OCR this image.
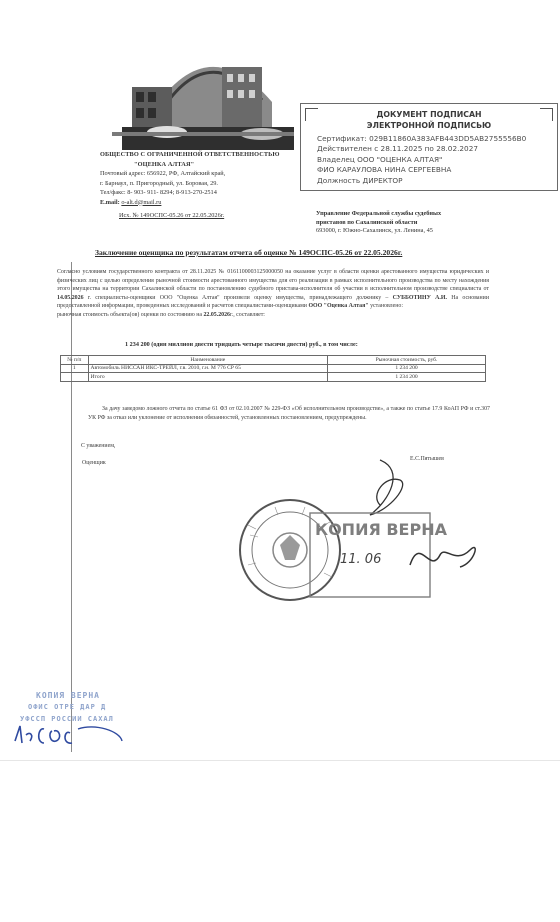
ОБЩЕСТВО С ОГРАНИЧЕННОЙ ОТВЕТСТВЕННОСТЬЮ
"ОЦЕНКА АЛТАЯ"
Почтовый адрес: 656922, РФ, Алтайский край,
г. Барнаул, п. Пригородный, ул. Боровая, 29.
Тел/факс: 8- 903- 911- 8294; 8-913-270-2514
E.mail: o-alt.d@mail.ru
ДОКУМЕНТ ПОДПИСАН
ЭЛЕКТРОННОЙ ПОДПИСЬЮ
Сертификат: 029B11860A383AFB443DD5AB2755556B0
Действителен с 28.11.2025 по 28.02.2027
Владелец ООО "ОЦЕНКА АЛТАЯ"
ФИО КАРАУЛОВА НИНА СЕРГЕЕВНА
Должность ДИРЕКТОР
Исх. № 149ОСПС-05.26 от 22.05.2026г.	Управление Федеральной службы судебных
приставов по Сахалинской области
693000, г. Южно-Сахалинск, ул. Ленина, 45
Заключение оценщика по результатам отчета об оценке № 149ОСПС-05.26 от 22.05.2026г.
Согласно условиям государственного контракта от 28.11.2025 № 0161100003125000050 на оказание услуг в области оценки арестованного имущества юридических и физических лиц с целью определения рыночной стоимости арестованного имущества для его реализации в рамках исполнительного производства по месту нахождения этого имущества на территории Сахалинской области по постановлению судебного пристава-исполнителя об участии в исполнительном производстве специалиста от 14.05.2026 г. специалисты-оценщики ООО "Оценка Алтая" произвели оценку имущества, принадлежащего должнику – СУББОТИНУ А.И. На основании предоставленной информации, проведенных исследований и расчетов специалистами-оценщиками ООО "Оценка Алтая" установлено:
рыночная стоимость объекта(ов) оценки по состоянию на 22.05.2026г., составляет:
1 234 200 (один миллион двести тридцать четыре тысячи двести) руб., в том числе:
№ п/п	Наименование	Рыночная стоимость, руб.
1	Автомобиль НИССАН ИКС-ТРЕЙЛ, г.в. 2010, г.н. М 776 СР 65	1 234 200
	Итого	1 234 200
За дачу заведомо ложного отчета по статье 61 ФЗ от 02.10.2007 № 229-ФЗ «Об исполнительном производстве», а также по статье 17.9 КоАП РФ и ст.307 УК РФ за отказ или уклонение от исполнения обязанностей, установленных постановлением, предупреждены.
С уважением,
Оценщик
Е.С.Пятышев
КОПИЯ ВЕРНА
11. 06
КОПИЯ ВЕРНА
ОФИС ОТРЕ ДАР Д
УФССП РОССИИ САХАЛ
